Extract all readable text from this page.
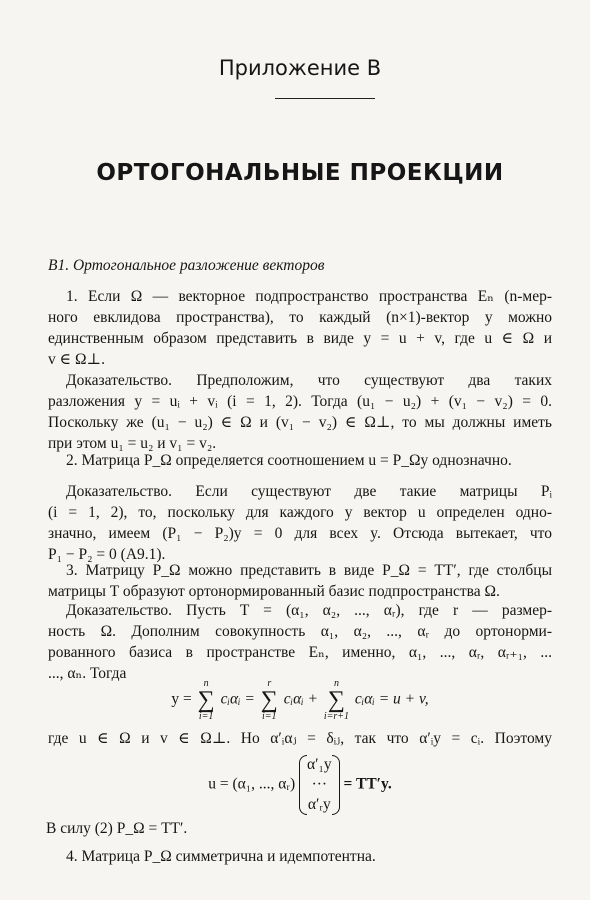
Приложение B
ОРТОГОНАЛЬНЫЕ ПРОЕКЦИИ
B1. Ортогональное разложение векторов
1. Если Ω — векторное подпространство пространства Eₙ (n-мер-
ного евклидова пространства), то каждый (n×1)-вектор y можно
единственным образом представить в виде y = u + v, где u ∈ Ω и
v ∈ Ω⊥.
Доказательство. Предположим, что существуют два таких
разложения y = uᵢ + vᵢ (i = 1, 2). Тогда (u₁ − u₂) + (v₁ − v₂) = 0.
Поскольку же (u₁ − u₂) ∈ Ω и (v₁ − v₂) ∈ Ω⊥, то мы должны иметь
при этом u₁ = u₂ и v₁ = v₂.
2. Матрица P_Ω определяется соотношением u = P_Ωy однозначно.
Доказательство. Если существуют две такие матрицы Pᵢ
(i = 1, 2), то, поскольку для каждого y вектор u определен одно-
значно, имеем (P₁ − P₂)y = 0 для всех y. Отсюда вытекает, что
P₁ − P₂ = 0 (A9.1).
3. Матрицу P_Ω можно представить в виде P_Ω = TT′, где столбцы
матрицы T образуют ортонормированный базис подпространства Ω.
Доказательство. Пусть T = (α₁, α₂, ..., αᵣ), где r — размер-
ность Ω. Дополним совокупность α₁, α₂, ..., αᵣ до ортонорми-
рованного базиса в пространстве Eₙ, именно, α₁, ..., αᵣ, αᵣ₊₁, ...
..., αₙ. Тогда
y =
n
∑
i=1
cᵢαᵢ =
r
∑
i=1
cᵢαᵢ +
n
∑
i=r+1
cᵢαᵢ = u + v,
где u ∈ Ω и v ∈ Ω⊥. Но α′ᵢαⱼ = δᵢⱼ, так что α′ᵢy = cᵢ. Поэтому
u = (α₁, ..., αᵣ)
α′₁y
···
α′ᵣy
= TT′y.
В силу (2) P_Ω = TT′.
4. Матрица P_Ω симметрична и идемпотентна.
